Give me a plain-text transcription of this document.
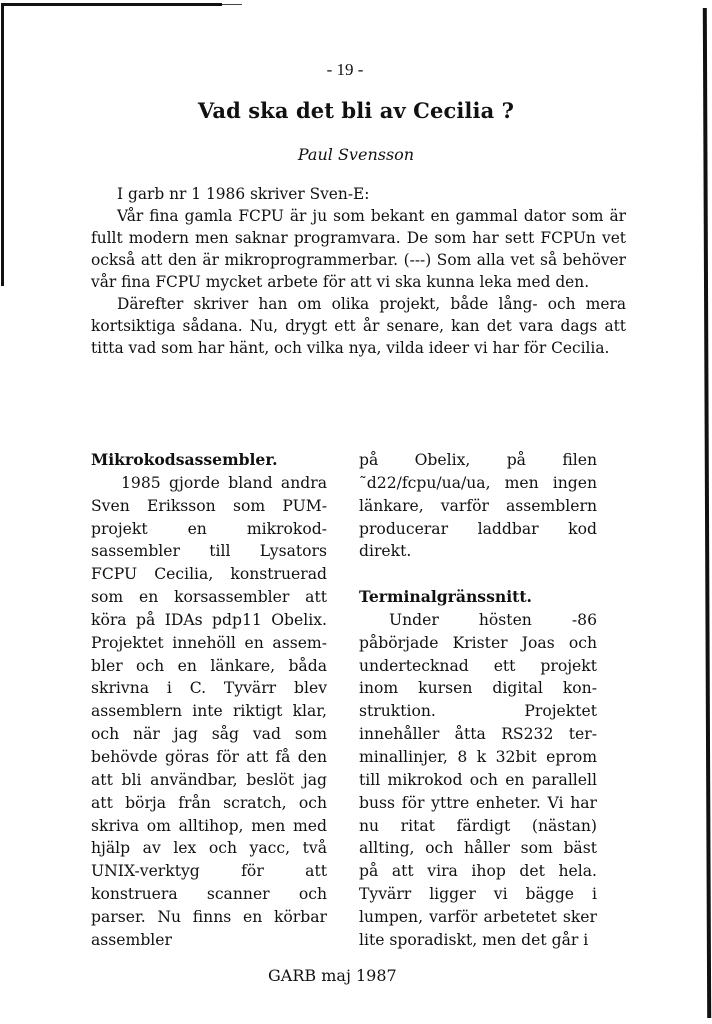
- 19 -
Vad ska det bli av Cecilia ?
Paul Svensson

I garb nr 1 1986 skriver Sven-E:

Vår fina gamla FCPU är ju som bekant en gammal dator som är fullt modern men saknar programvara. De som har sett FCPUn vet också att den är mikroprogrammerbar. (---) Som alla vet så behöver vår fina FCPU mycket arbete för att vi ska kunna leka med den.

Därefter skriver han om olika projekt, både lång- och mera kortsiktiga sådana. Nu, drygt ett år senare, kan det vara dags att titta vad som har hänt, och vilka nya, vilda ideer vi har för Cecilia.

Mikrokodsassembler.

1985 gjorde bland andra Sven Eriksson som PUM-projekt en mikrokodsassembler till Lysators FCPU Cecilia, konstruerad som en korsassembler att köra på IDAs pdp11 Obelix. Projektet innehöll en assembler och en länkare, båda skrivna i C. Tyvärr blev assemblern inte riktigt klar, och när jag såg vad som behövde göras för att få den att bli användbar, beslöt jag att börja från scratch, och skriva om alltihop, men med hjälp av lex och yacc, två UNIX-verktyg för att konstruera scanner och parser. Nu finns en körbar assembler

på Obelix, på filen ˜d22/fcpu/ua/ua, men ingen länkare, varför assemblern producerar laddbar kod direkt.

Terminalgränssnitt.

Under hösten -86 påbörjade Krister Joas och undertecknad ett projekt inom kursen digital konstruktion. Projektet innehåller åtta RS232 terminallinjer, 8 k 32bit eprom till mikrokod och en parallell buss för yttre enheter. Vi har nu ritat färdigt (nästan) allting, och håller som bäst på att vira ihop det hela. Tyvärr ligger vi bägge i lumpen, varför arbetetet sker lite sporadiskt, men det går i

GARB maj 1987
